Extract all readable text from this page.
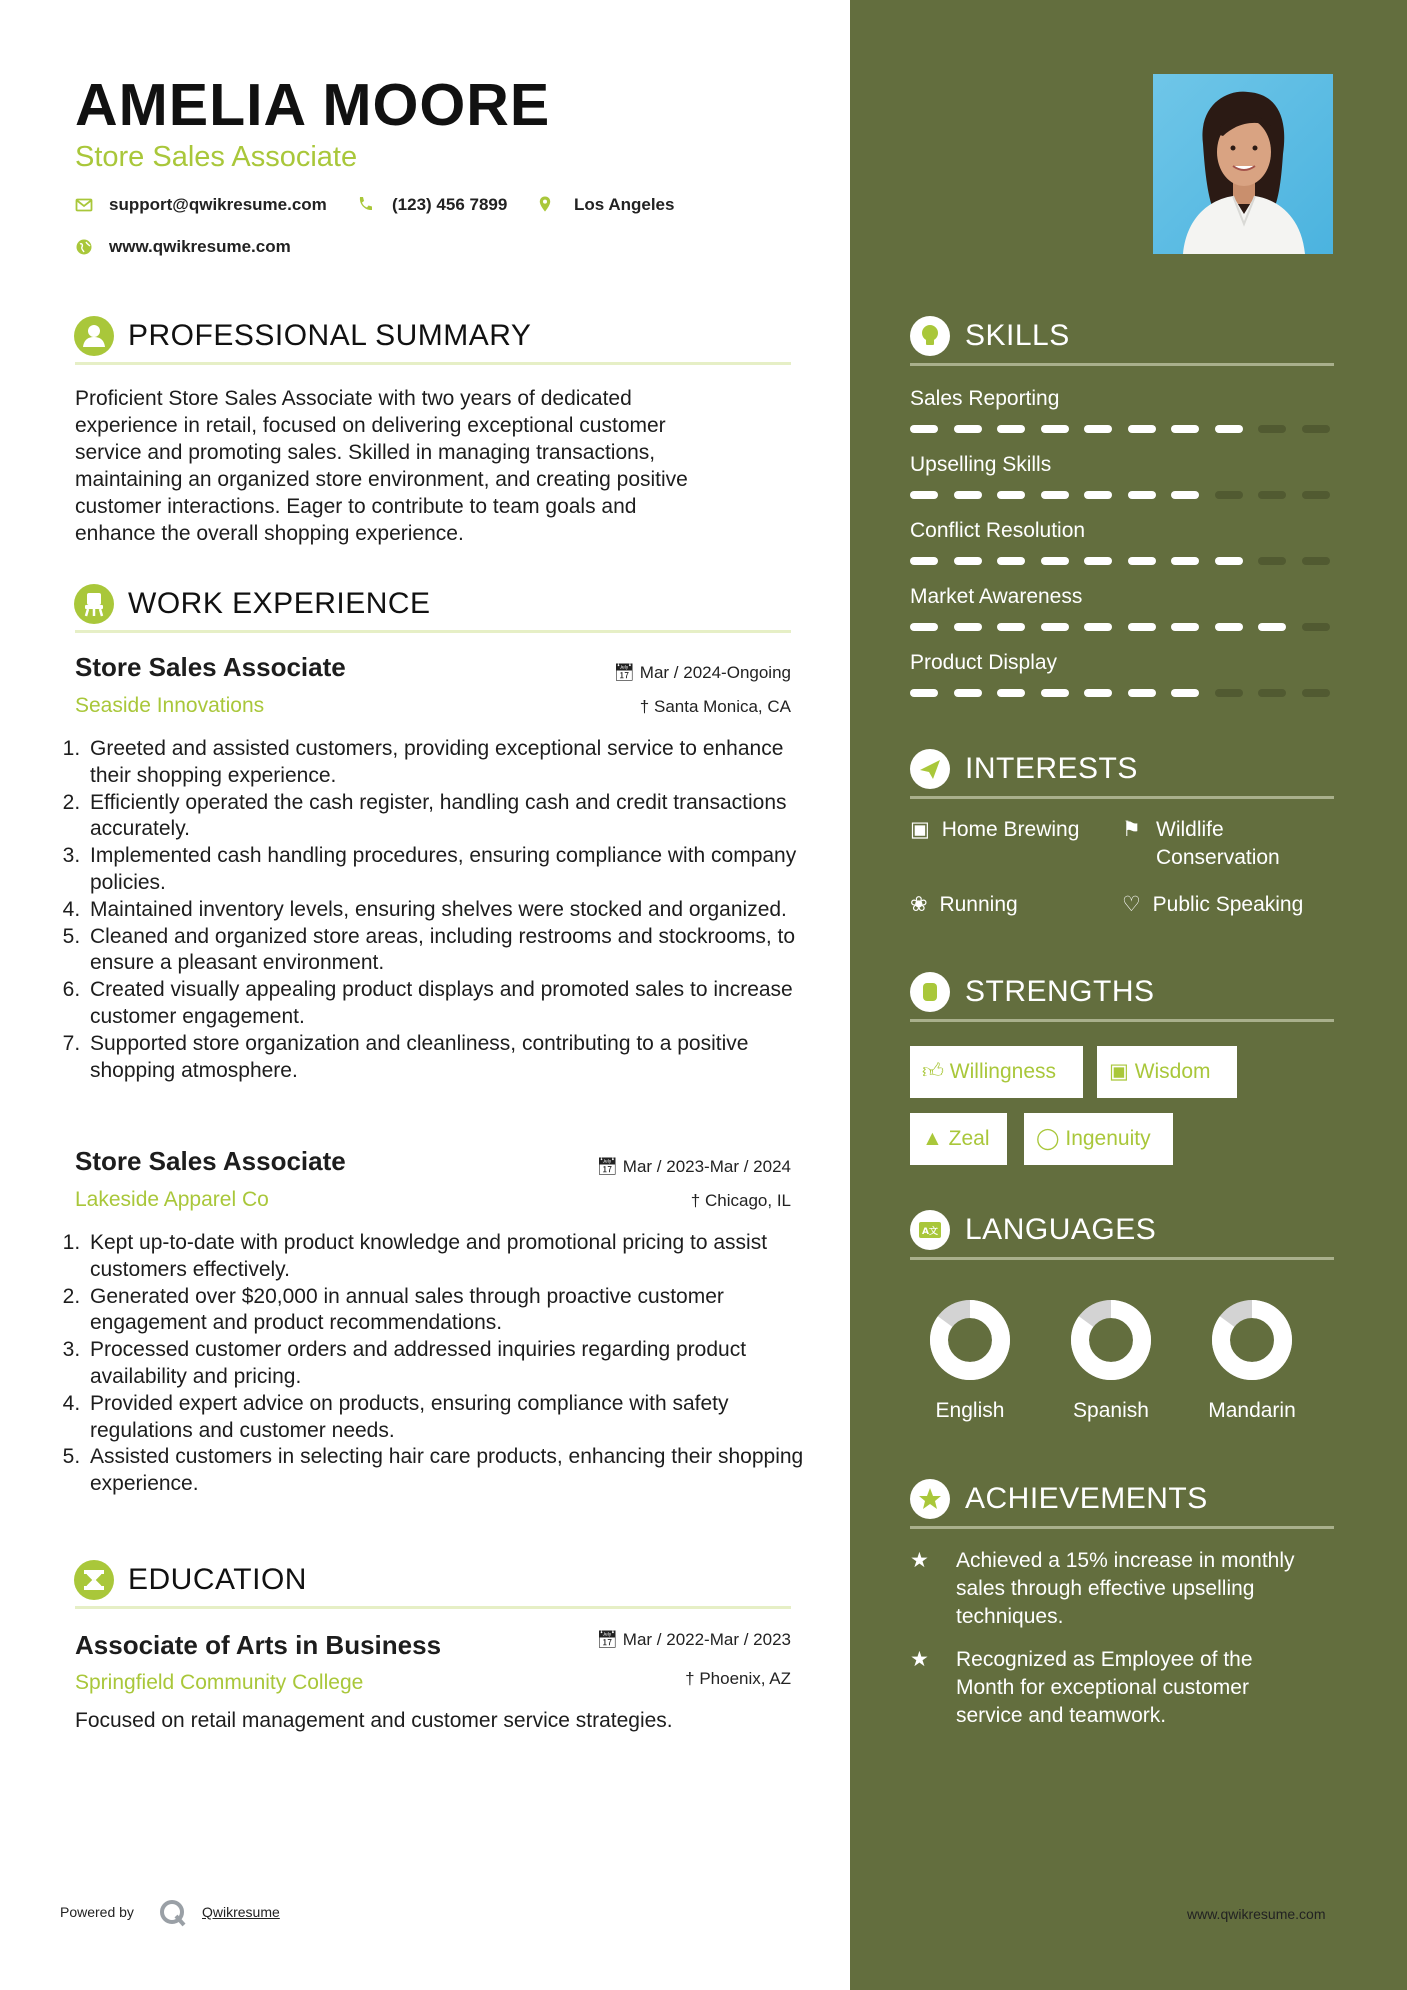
AMELIA MOORE
Store Sales Associate
support@qwikresume.com	(123) 456 7899	Los Angeles
www.qwikresume.com
PROFESSIONAL SUMMARY
Proficient Store Sales Associate with two years of dedicated
experience in retail, focused on delivering exceptional customer
service and promoting sales. Skilled in managing transactions,
maintaining an organized store environment, and creating positive
customer interactions. Eager to contribute to team goals and
enhance the overall shopping experience.
WORK EXPERIENCE
Store Sales Associate	📅︎ Mar / 2024-Ongoing
Seaside Innovations	† Santa Monica, CA
1. Greeted and assisted customers, providing exceptional service to enhance their shopping experience.
2. Efficiently operated the cash register, handling cash and credit transactions accurately.
3. Implemented cash handling procedures, ensuring compliance with company policies.
4. Maintained inventory levels, ensuring shelves were stocked and organized.
5. Cleaned and organized store areas, including restrooms and stockrooms, to ensure a pleasant environment.
6. Created visually appealing product displays and promoted sales to increase customer engagement.
7. Supported store organization and cleanliness, contributing to a positive shopping atmosphere.
Store Sales Associate	📅︎ Mar / 2023-Mar / 2024
Lakeside Apparel Co	† Chicago, IL
1. Kept up-to-date with product knowledge and promotional pricing to assist customers effectively.
2. Generated over $20,000 in annual sales through proactive customer engagement and product recommendations.
3. Processed customer orders and addressed inquiries regarding product availability and pricing.
4. Provided expert advice on products, ensuring compliance with safety regulations and customer needs.
5. Assisted customers in selecting hair care products, enhancing their shopping experience.
EDUCATION
Associate of Arts in Business	📅︎ Mar / 2022-Mar / 2023
Springfield Community College	† Phoenix, AZ
Focused on retail management and customer service strategies.
Powered by	Qwikresume
SKILLS
Sales Reporting
Upselling Skills
Conflict Resolution
Market Awareness
Product Display
INTERESTS
▣ Home Brewing ⚑ Wildlife
Conservation
❀ Running	♡ Public Speaking
STRENGTHS
👍︎ Willingness	▣ Wisdom
▲ Zeal	◯ Ingenuity
A文 LANGUAGES
English	Spanish	Mandarin
ACHIEVEMENTS
★ Achieved a 15% increase in monthly
sales through effective upselling
techniques.
★ Recognized as Employee of the
Month for exceptional customer
service and teamwork.
www.qwikresume.com
